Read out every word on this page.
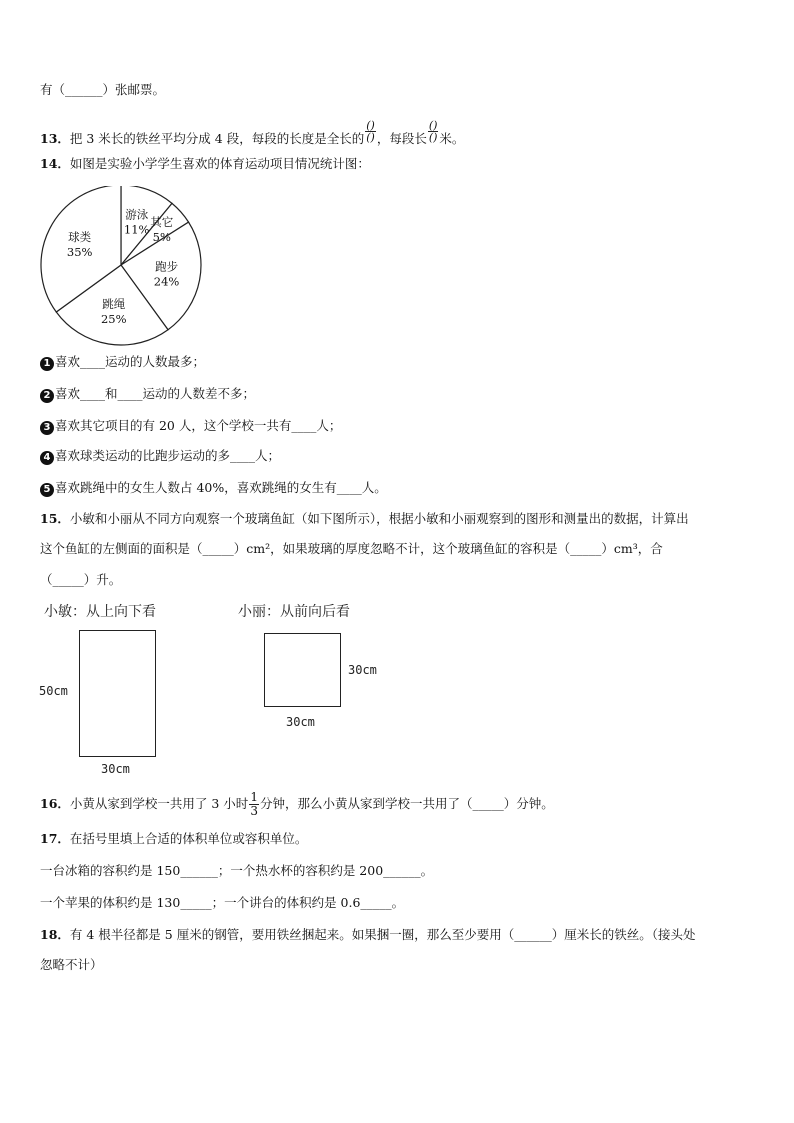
有（______）张邮票。
13．把 3 米长的铁丝平均分成 4 段，每段的长度是全长的 $\frac{()}{()}$ ，每段长 $\frac{()}{()}$ 米。
14．如图是实验小学学生喜欢的体育运动项目情况统计图：
游泳
11%
其它
5%
跑步
24%
跳绳
25%
球类
35%
1 喜欢____运动的人数最多；
2 喜欢____和____运动的人数差不多；
3 喜欢其它项目的有 20 人，这个学校一共有____人；
4 喜欢球类运动的比跑步运动的多____人；
5 喜欢跳绳中的女生人数占 40%，喜欢跳绳的女生有____人。
15．小敏和小丽从不同方向观察一个玻璃鱼缸（如下图所示），根据小敏和小丽观察到的图形和测量出的数据，计算出
这个鱼缸的左侧面的面积是（_____）cm²，如果玻璃的厚度忽略不计，这个玻璃鱼缸的容积是（_____）cm³，合
（_____）升。
小敏：从上向下看
50cm
30cm
小丽：从前向后看
30cm
30cm
16．小黄从家到学校一共用了 3 小时 $\frac{1}{3}$ 分钟，那么小黄从家到学校一共用了（_____）分钟。
17．在括号里填上合适的体积单位或容积单位。
一台冰箱的容积约是 150______；一个热水杯的容积约是 200______。
一个苹果的体积约是 130_____；一个讲台的体积约是 0.6_____。
18．有 4 根半径都是 5 厘米的钢管，要用铁丝捆起来。如果捆一圈，那么至少要用（______）厘米长的铁丝。（接头处
忽略不计）
